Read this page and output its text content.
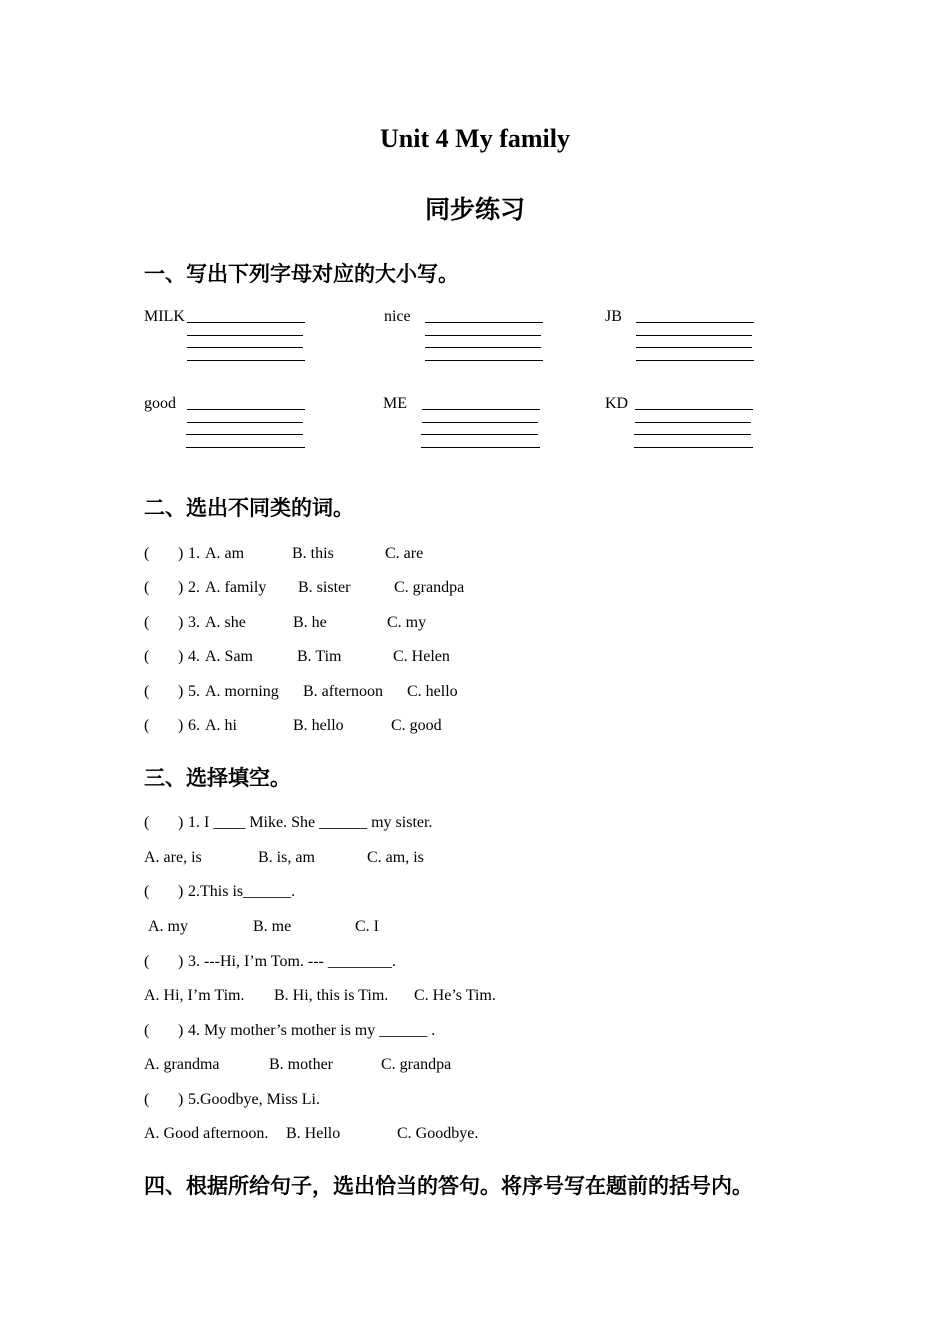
Unit 4 My family
同步练习
一、写出下列字母对应的大小写。
MILK	nice	JB
good	ME	KD
二、选出不同类的词。
( ) 1. A. am	B. this	C. are
( ) 2. A. family B. sister	C. grandpa
( ) 3. A. she	B. he	C. my
( ) 4. A. Sam	B. Tim	C. Helen
( ) 5. A. morning B. afternoon C. hello
( ) 6. A. hi	B. hello	C. good
三、选择填空。
( ) 1. I ____ Mike. She ______ my sister.
A. are, is	B. is, am	C. am, is
( ) 2.This is______.
A. my	B. me	C. I
( ) 3. ---Hi, I’m Tom. --- ________.
A. Hi, I’m Tim. B. Hi, this is Tim. C. He’s Tim.
( ) 4. My mother’s mother is my ______ .
A. grandma	B. mother	C. grandpa
( ) 5.Goodbye, Miss Li.
A. Good afternoon. B. Hello	C. Goodbye.
四、根据所给句子，选出恰当的答句。将序号写在题前的括号内。
